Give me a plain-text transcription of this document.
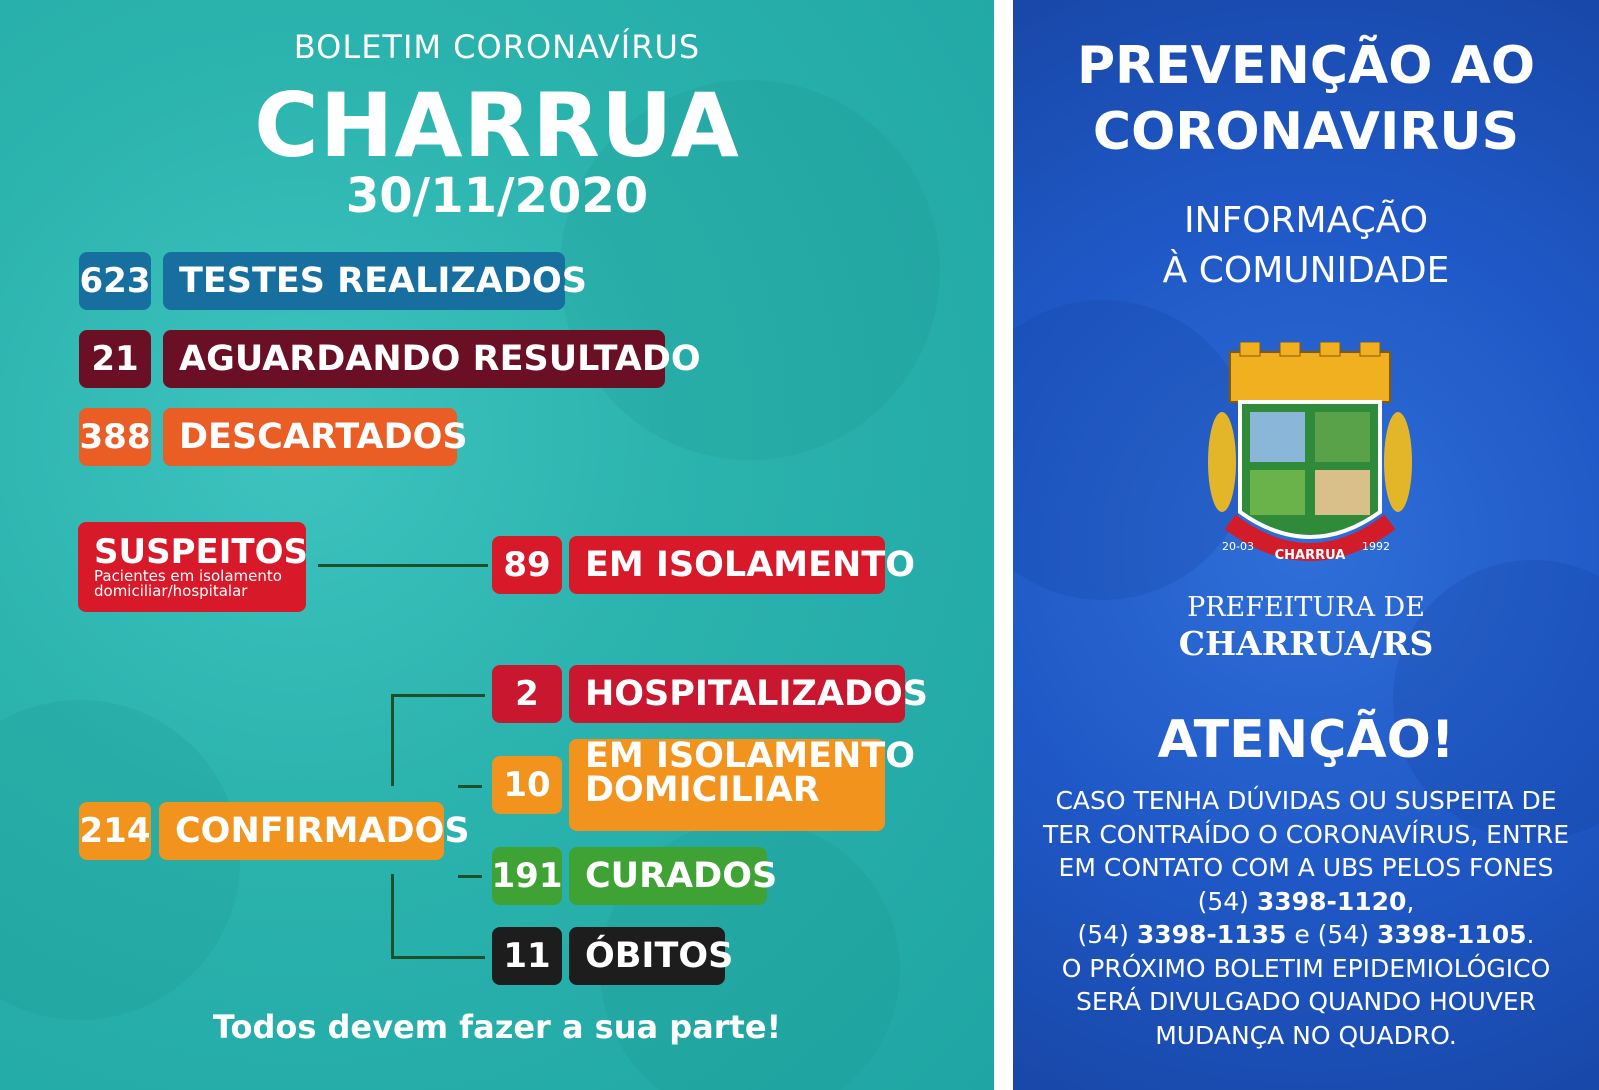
BOLETIM CORONAVÍRUS
CHARRUA
30/11/2020
623 TESTES REALIZADOS
21	AGUARDANDO RESULTADO
388 DESCARTADOS
SUSPEITOS
Pacientes em isolamento
domiciliar/hospitalar
89 EM ISOLAMENTO
214 CONFIRMADOS
2	HOSPITALIZADOS
10
EM ISOLAMENTO
DOMICILIAR
191 CURADOS
11 ÓBITOS
Todos devem fazer a sua parte!
PREVENÇÃO AO
CORONAVIRUS
INFORMAÇÃO
À COMUNIDADE
CHARRUA
20-03	1992
PREFEITURA DE
CHARRUA/RS
ATENÇÃO!
CASO TENHA DÚVIDAS OU SUSPEITA DE
TER CONTRAÍDO O CORONAVÍRUS, ENTRE
EM CONTATO COM A UBS PELOS FONES
(54) 3398-1120,
(54) 3398-1135 e (54) 3398-1105.
O PRÓXIMO BOLETIM EPIDEMIOLÓGICO
SERÁ DIVULGADO QUANDO HOUVER
MUDANÇA NO QUADRO.
